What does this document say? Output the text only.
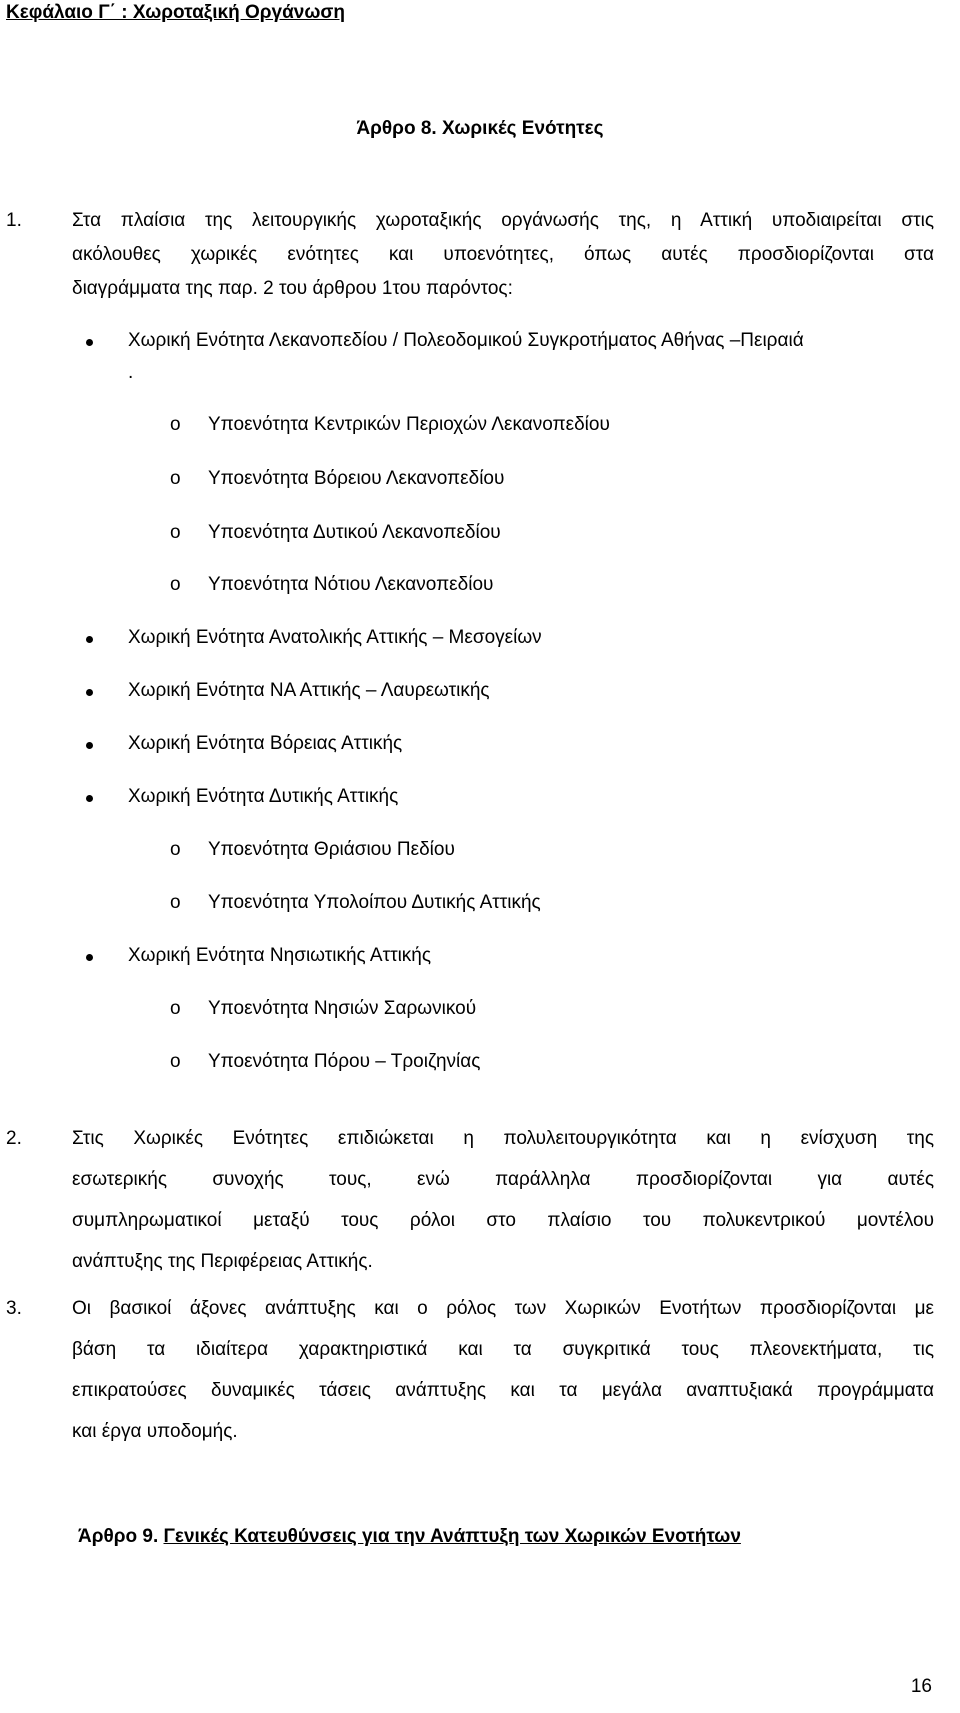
Κεφάλαιο Γ΄ : Χωροταξική Οργάνωση
Άρθρο 8. Χωρικές Ενότητες
1.	Στα πλαίσια της λειτουργικής χωροταξικής οργάνωσής της, η Αττική υποδιαιρείται στις
ακόλουθες χωρικές ενότητες και υποενότητες, όπως αυτές προσδιορίζονται στα
διαγράμματα της παρ. 2 του άρθρου 1του παρόντος:
Χωρική Ενότητα Λεκανοπεδίου / Πολεοδομικού Συγκροτήματος Αθήνας –Πειραιά
.
o Υποενότητα Κεντρικών Περιοχών Λεκανοπεδίου
o Υποενότητα Βόρειου Λεκανοπεδίου
o Υποενότητα Δυτικού Λεκανοπεδίου
o Υποενότητα Νότιου Λεκανοπεδίου
Χωρική Ενότητα Ανατολικής Αττικής – Μεσογείων
Χωρική Ενότητα ΝΑ Αττικής – Λαυρεωτικής
Χωρική Ενότητα Βόρειας Αττικής
Χωρική Ενότητα Δυτικής Αττικής
o Υποενότητα Θριάσιου Πεδίου
o Υποενότητα Υπολοίπου Δυτικής Αττικής
Χωρική Ενότητα Νησιωτικής Αττικής
o Υποενότητα Νησιών Σαρωνικού
o Υποενότητα Πόρου – Τροιζηνίας
2.	Στις Χωρικές Ενότητες επιδιώκεται η πολυλειτουργικότητα και η ενίσχυση της
εσωτερικής συνοχής τους, ενώ παράλληλα προσδιορίζονται για αυτές
συμπληρωματικοί μεταξύ τους ρόλοι στο πλαίσιο του πολυκεντρικού μοντέλου
ανάπτυξης της Περιφέρειας Αττικής.
3.	Οι βασικοί άξονες ανάπτυξης και ο ρόλος των Χωρικών Ενοτήτων προσδιορίζονται με
βάση τα ιδιαίτερα χαρακτηριστικά και τα συγκριτικά τους πλεονεκτήματα, τις
επικρατούσες δυναμικές τάσεις ανάπτυξης και τα μεγάλα αναπτυξιακά προγράμματα
και έργα υποδομής.
Άρθρο 9. Γενικές Κατευθύνσεις για την Ανάπτυξη των Χωρικών Ενοτήτων
16
